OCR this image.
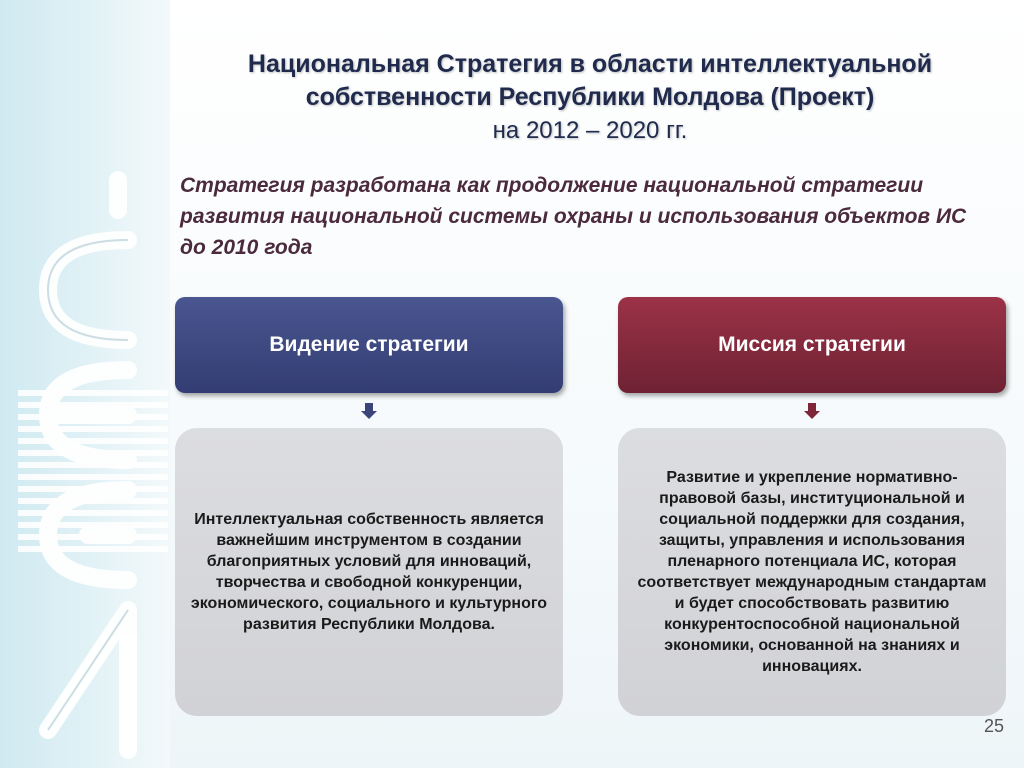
Национальная Стратегия в области интеллектуальной
собственности Республики Молдова (Проект)
на 2012 – 2020 гг.
Стратегия разработана как продолжение национальной стратегии развития национальной системы охраны и использования объектов ИС до 2010 года
Видение стратегии	Миссия стратегии
Интеллектуальная собственность является важнейшим инструментом в создании благоприятных условий для инноваций, творчества и свободной конкуренции, экономического, социального и культурного развития Республики Молдова.
Развитие и укрепление нормативно-правовой базы, институциональной и социальной поддержки для создания, защиты, управления и использования пленарного потенциала ИС, которая соответствует международным стандартам и будет способствовать развитию конкурентоспособной национальной экономики, основанной на знаниях и инновациях.
25
